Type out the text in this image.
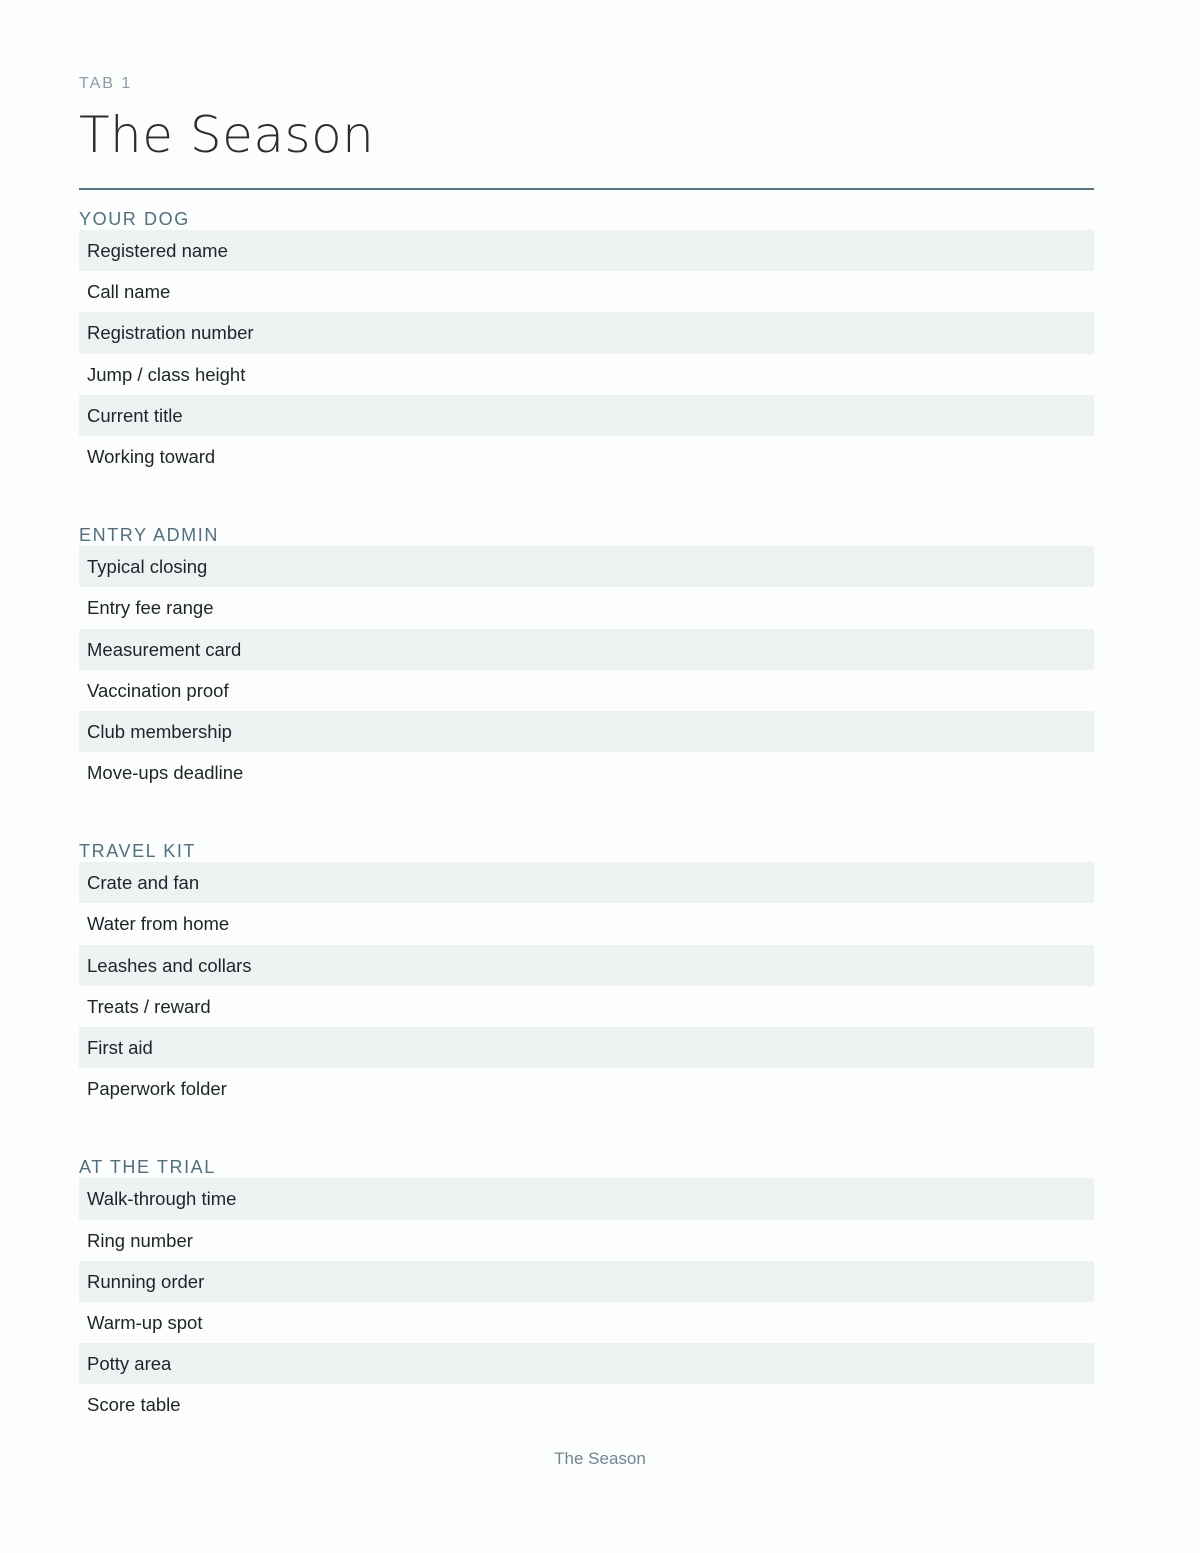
TAB 1
The Season
YOUR DOG
Registered name
Call name
Registration number
Jump / class height
Current title
Working toward
ENTRY ADMIN
Typical closing
Entry fee range
Measurement card
Vaccination proof
Club membership
Move-ups deadline
TRAVEL KIT
Crate and fan
Water from home
Leashes and collars
Treats / reward
First aid
Paperwork folder
AT THE TRIAL
Walk-through time
Ring number
Running order
Warm-up spot
Potty area
Score table
The Season
